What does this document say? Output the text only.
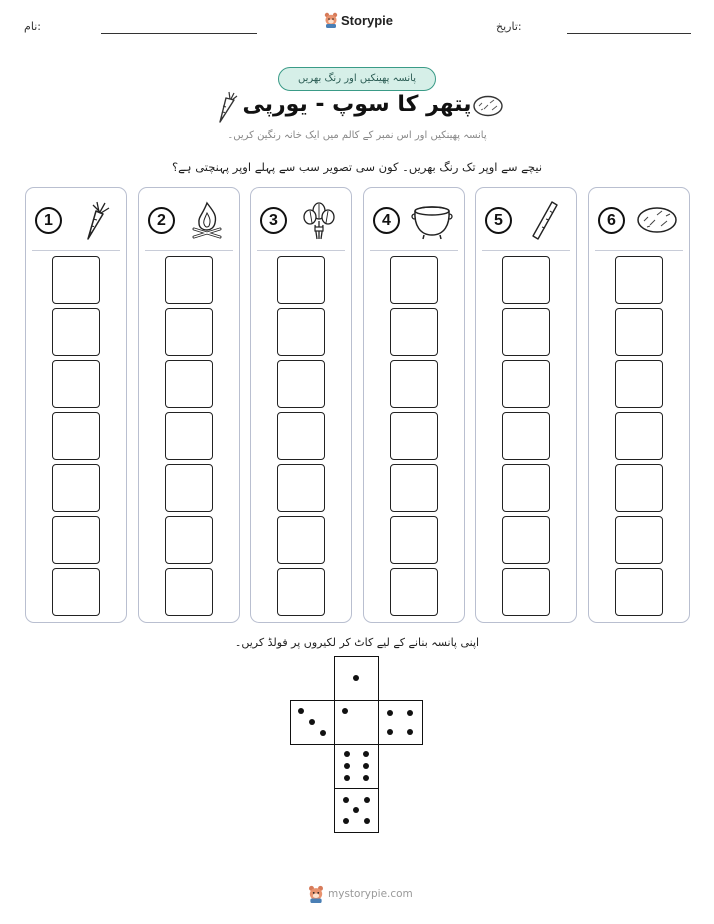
نام:	Storypie	تاریخ:
پانسہ پھینکیں اور رنگ بھریں
پتھر کا سوپ - یورپی
پانسہ پھینکیں اور اس نمبر کے کالم میں ایک خانہ رنگین کریں۔
نیچے سے اوپر تک رنگ بھریں۔ کون سی تصویر سب سے پہلے اوپر پہنچتی ہے؟
1	2	3	4	5	6
اپنی پانسہ بنانے کے لیے کاٹ کر لکیروں پر فولڈ کریں۔
mystorypie.com
